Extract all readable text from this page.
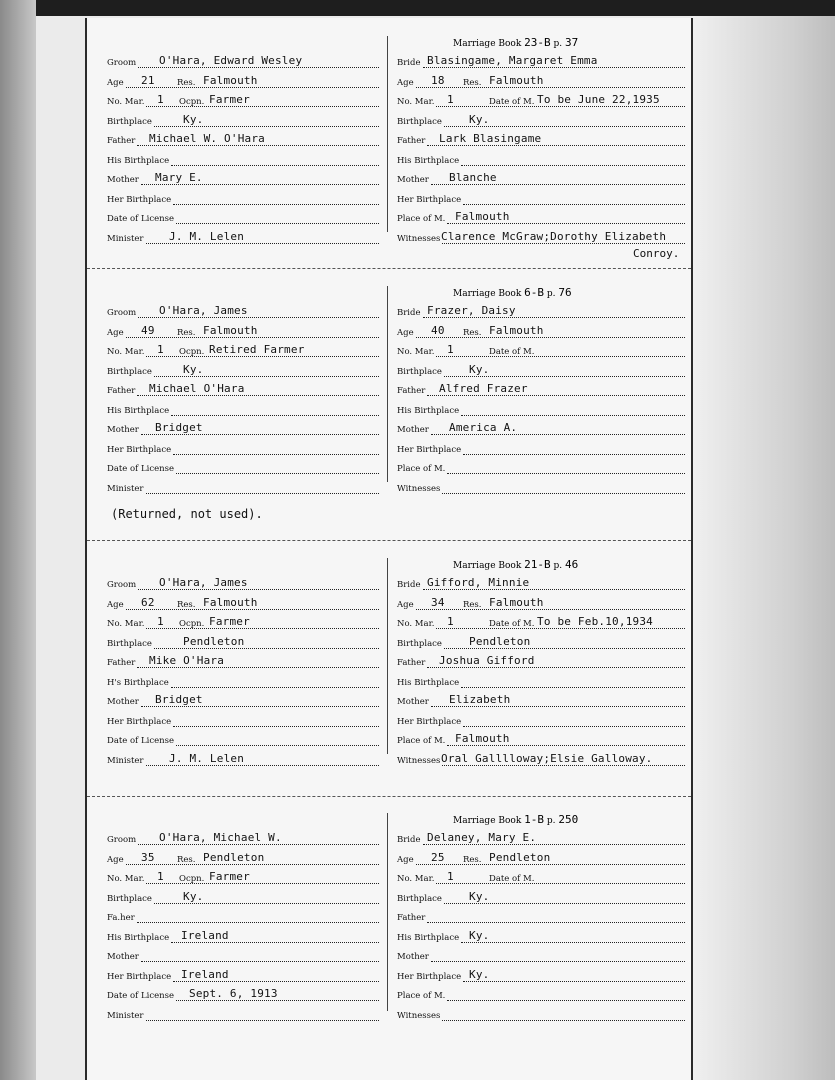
Marriage Book 23-B p. 37
Groom O'Hara, Edward Wesley
Age 21	Res. Falmouth
No. Mar. 1 Ocpn. Farmer
Birthplace	Ky.
Father Michael W. O'Hara
His Birthplace
Mother Mary E.
Her Birthplace
Date of License
Minister J. M. Lelen
Bride Blasingame, Margaret Emma
Age 18 Res. Falmouth
No. Mar. 1	Date of M. To be June 22,1935
Birthplace Ky.
Father Lark Blasingame
His Birthplace
Mother Blanche
Her Birthplace
Place of M. Falmouth
Witnesses Clarence McGraw;Dorothy Elizabeth
Conroy.
Marriage Book 6-B p. 76
Groom O'Hara, James
Age 49	Res. Falmouth
No. Mar. 1 Ocpn. Retired Farmer
Birthplace	Ky.
Father Michael O'Hara
His Birthplace
Mother Bridget
Her Birthplace
Date of License
Minister
Bride Frazer, Daisy
Age 40 Res. Falmouth
No. Mar. 1	Date of M.
Birthplace Ky.
Father Alfred Frazer
His Birthplace
Mother America A.
Her Birthplace
Place of M.
Witnesses
(Returned, not used).
Marriage Book 21-B p. 46
Groom O'Hara, James
Age 62	Res. Falmouth
No. Mar. 1 Ocpn. Farmer
Birthplace	Pendleton
Father Mike O'Hara
H's Birthplace
Mother Bridget
Her Birthplace
Date of License
Minister J. M. Lelen
Bride Gifford, Minnie
Age 34 Res. Falmouth
No. Mar. 1	Date of M. To be Feb.10,1934
Birthplace Pendleton
Father Joshua Gifford
His Birthplace
Mother Elizabeth
Her Birthplace
Place of M. Falmouth
Witnesses Oral Galllloway;Elsie Galloway.
Marriage Book 1-B p. 250
Groom O'Hara, Michael W.
Age 35	Res. Pendleton
No. Mar. 1 Ocpn. Farmer
Birthplace	Ky.
Fa.her
His Birthplace Ireland
Mother
Her Birthplace Ireland
Date of License Sept. 6, 1913
Minister
Bride Delaney, Mary E.
Age 25 Res. Pendleton
No. Mar. 1	Date of M.
Birthplace Ky.
Father
His Birthplace Ky.
Mother
Her Birthplace Ky.
Place of M.
Witnesses
